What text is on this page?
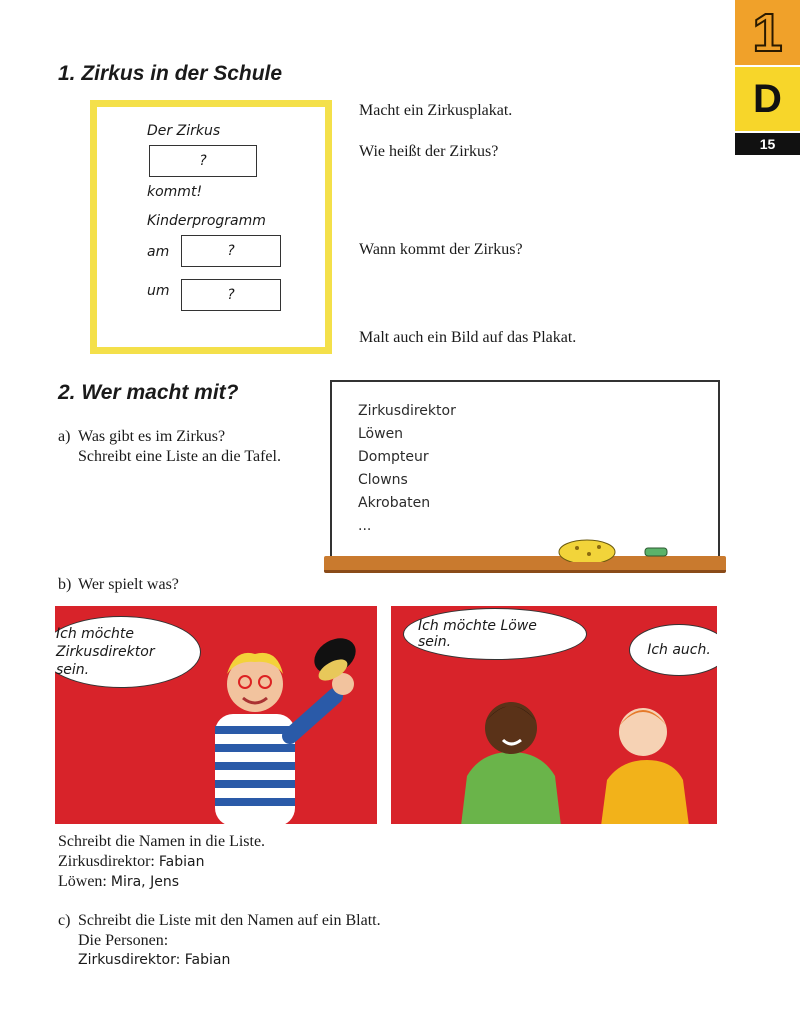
1
D
15
1. Zirkus in der Schule
Der Zirkus
?
kommt!
Kinderprogramm
am	?
um	?
Macht ein Zirkusplakat.
Wie heißt der Zirkus?
Wann kommt der Zirkus?
Malt auch ein Bild auf das Plakat.
2. Wer macht mit?
a) Was gibt es im Zirkus?
Schreibt eine Liste an die Tafel.
Zirkusdirektor
Löwen
Dompteur
Clowns
Akrobaten
...
b) Wer spielt was?
Ich möchte Zirkusdirektor sein.
Ich möchte Löwe sein.	Ich auch.
Schreibt die Namen in die Liste.
Zirkusdirektor: Fabian
Löwen: Mira, Jens
c) Schreibt die Liste mit den Namen auf ein Blatt.
Die Personen:
Zirkusdirektor: Fabian
